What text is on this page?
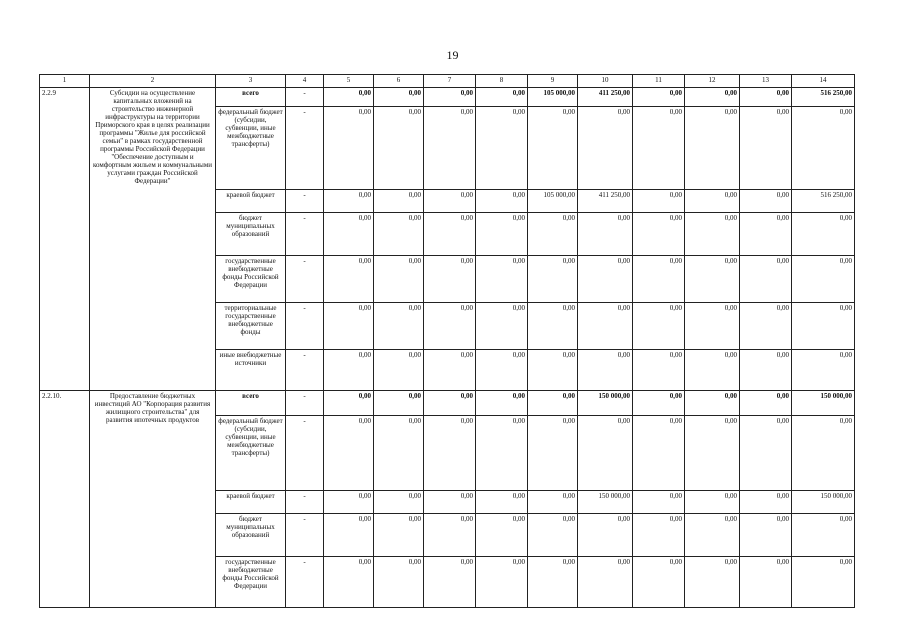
19
1	2	3	4	5	6	7	8	9	10	11	12	13	14
2.2.9	Субсидии на осуществление капитальных вложений на строительство инженерной инфраструктуры на территории Приморского края в целях реализации программы "Жилье для российской семьи" в рамках государственной программы Российской Федерации "Обеспечение доступным и комфортным жильем и коммунальными услугами граждан Российской Федерации"	всего	-	0,00	0,00	0,00	0,00	105 000,00	411 250,00	0,00	0,00	0,00	516 250,00
		федеральный бюджет (субсидии, субвенции, иные межбюджетные трансферты)	-	0,00	0,00	0,00	0,00	0,00	0,00	0,00	0,00	0,00	0,00
		краевой бюджет	-	0,00	0,00	0,00	0,00	105 000,00	411 250,00	0,00	0,00	0,00	516 250,00
		бюджет муниципальных образований	-	0,00	0,00	0,00	0,00	0,00	0,00	0,00	0,00	0,00	0,00
		государственные внебюджетные фонды Российской Федерации	-	0,00	0,00	0,00	0,00	0,00	0,00	0,00	0,00	0,00	0,00
		территориальные государственные внебюджетные фонды	-	0,00	0,00	0,00	0,00	0,00	0,00	0,00	0,00	0,00	0,00
		иные внебюджетные источники	-	0,00	0,00	0,00	0,00	0,00	0,00	0,00	0,00	0,00	0,00
2.2.10.	Предоставление бюджетных инвестиций АО "Корпорация развития жилищного строительства" для развития ипотечных продуктов	всего	-	0,00	0,00	0,00	0,00	0,00	150 000,00	0,00	0,00	0,00	150 000,00
		федеральный бюджет (субсидии, субвенции, иные межбюджетные трансферты)	-	0,00	0,00	0,00	0,00	0,00	0,00	0,00	0,00	0,00	0,00
		краевой бюджет	-	0,00	0,00	0,00	0,00	0,00	150 000,00	0,00	0,00	0,00	150 000,00
		бюджет муниципальных образований	-	0,00	0,00	0,00	0,00	0,00	0,00	0,00	0,00	0,00	0,00
		государственные внебюджетные фонды Российской Федерации	-	0,00	0,00	0,00	0,00	0,00	0,00	0,00	0,00	0,00	0,00
